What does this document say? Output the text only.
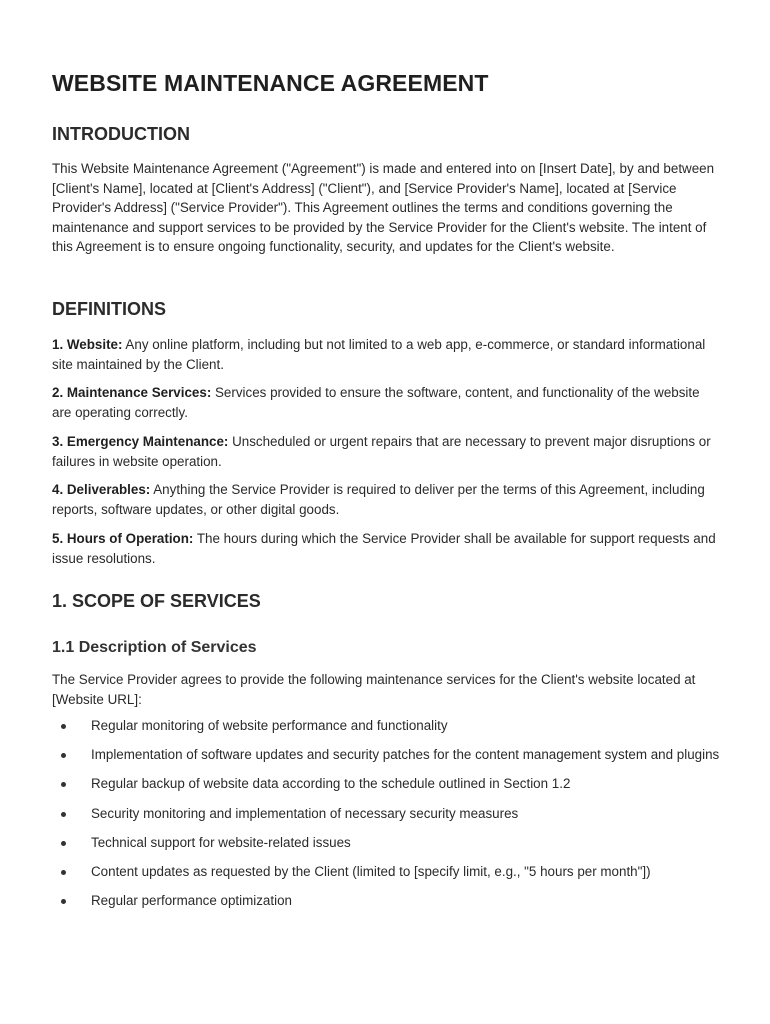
WEBSITE MAINTENANCE AGREEMENT
INTRODUCTION

This Website Maintenance Agreement ("Agreement") is made and entered into on [Insert Date], by and between [Client's Name], located at [Client's Address] ("Client"), and [Service Provider's Name], located at [Service Provider's Address] ("Service Provider"). This Agreement outlines the terms and conditions governing the maintenance and support services to be provided by the Service Provider for the Client's website. The intent of this Agreement is to ensure ongoing functionality, security, and updates for the Client's website.

DEFINITIONS

1. Website: Any online platform, including but not limited to a web app, e-commerce, or standard informational site maintained by the Client.

2. Maintenance Services: Services provided to ensure the software, content, and functionality of the website are operating correctly.

3. Emergency Maintenance: Unscheduled or urgent repairs that are necessary to prevent major disruptions or failures in website operation.

4. Deliverables: Anything the Service Provider is required to deliver per the terms of this Agreement, including reports, software updates, or other digital goods.

5. Hours of Operation: The hours during which the Service Provider shall be available for support requests and issue resolutions.

1. SCOPE OF SERVICES
1.1 Description of Services

The Service Provider agrees to provide the following maintenance services for the Client's website located at [Website URL]:

Regular monitoring of website performance and functionality
Implementation of software updates and security patches for the content management system and plugins
Regular backup of website data according to the schedule outlined in Section 1.2
Security monitoring and implementation of necessary security measures
Technical support for website-related issues
Content updates as requested by the Client (limited to [specify limit, e.g., "5 hours per month"])
Regular performance optimization
